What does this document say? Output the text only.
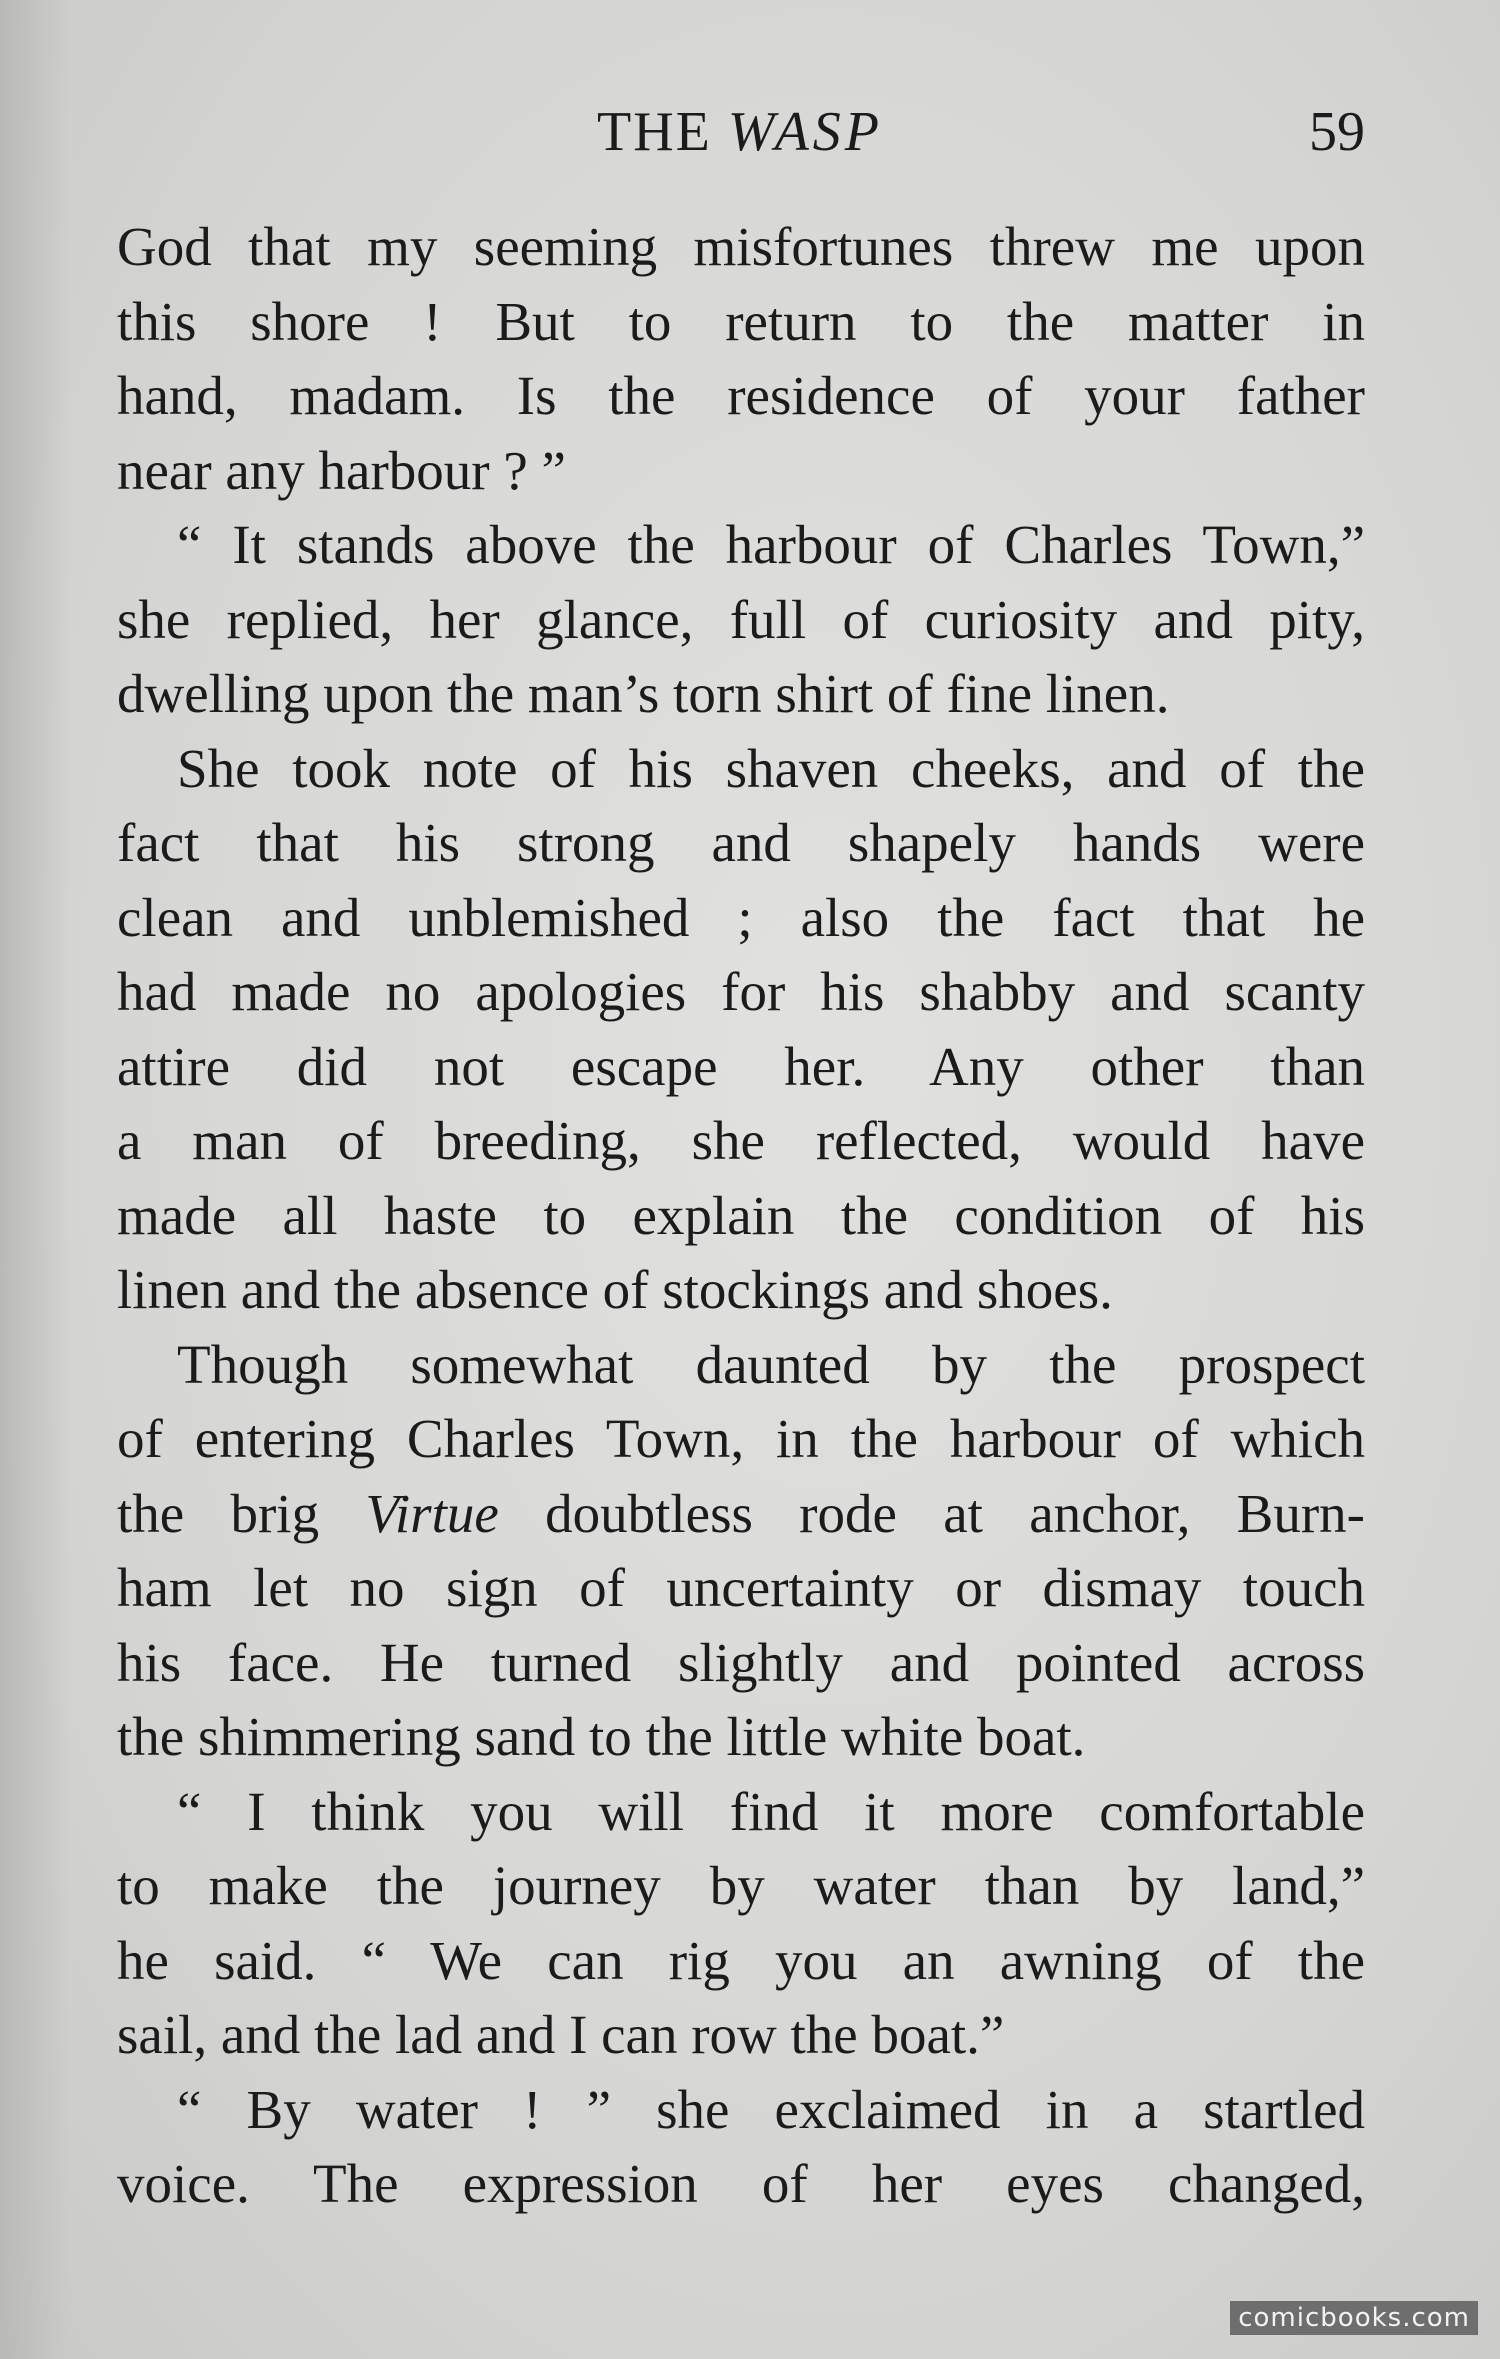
THE WASP	59
God that my seeming misfortunes threw me upon
this shore ! But to return to the matter in
hand, madam. Is the residence of your father
near any harbour ? ”
“ It stands above the harbour of Charles Town,”
she replied, her glance, full of curiosity and pity,
dwelling upon the man’s torn shirt of fine linen.
She took note of his shaven cheeks, and of the
fact that his strong and shapely hands were
clean and unblemished ; also the fact that he
had made no apologies for his shabby and scanty
attire did not escape her. Any other than
a man of breeding, she reflected, would have
made all haste to explain the condition of his
linen and the absence of stockings and shoes.
Though somewhat daunted by the prospect
of entering Charles Town, in the harbour of which
the brig Virtue doubtless rode at anchor, Burn-
ham let no sign of uncertainty or dismay touch
his face. He turned slightly and pointed across
the shimmering sand to the little white boat.
“ I think you will find it more comfortable
to make the journey by water than by land,”
he said. “ We can rig you an awning of the
sail, and the lad and I can row the boat.”
“ By water ! ” she exclaimed in a startled
voice. The expression of her eyes changed,
comicbooks.com
